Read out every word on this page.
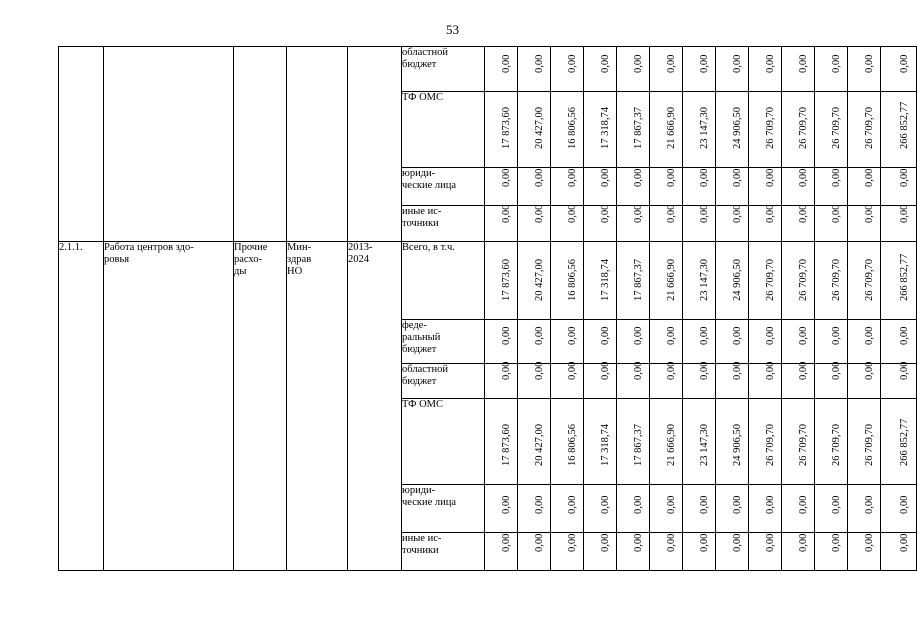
53
					областной
бюджет	0,00	0,00	0,00	0,00	0,00	0,00	0,00	0,00	0,00	0,00	0,00	0,00	0,00

					ТФ ОМС	17 873,60	20 427,00	16 806,56	17 318,74	17 867,37	21 666,90	23 147,30	24 906,50	26 709,70	26 709,70	26 709,70	26 709,70	266 852,77

					юриди-
ческие лица	0,00	0,00	0,00	0,00	0,00	0,00	0,00	0,00	0,00	0,00	0,00	0,00	0,00

					иные ис-
точники	0,00	0,00	0,00	0,00	0,00	0,00	0,00	0,00	0,00	0,00	0,00	0,00	0,00

2.1.1.	Работа центров здо-
ровья	Прочие
расхо-
ды	Мин-
здрав
НО	2013-
2024	Всего, в т.ч.	17 873,60	20 427,00	16 806,56	17 318,74	17 867,37	21 666,90	23 147,30	24 906,50	26 709,70	26 709,70	26 709,70	26 709,70	266 852,77

					феде-
ральный
бюджет	0,00	0,00	0,00	0,00	0,00	0,00	0,00	0,00	0,00	0,00	0,00	0,00	0,00

					областной
бюджет	0,00	0,00	0,00	0,00	0,00	0,00	0,00	0,00	0,00	0,00	0,00	0,00	0,00

					ТФ ОМС	17 873,60	20 427,00	16 806,56	17 318,74	17 867,37	21 666,90	23 147,30	24 906,50	26 709,70	26 709,70	26 709,70	26 709,70	266 852,77

					юриди-
ческие лица	0,00	0,00	0,00	0,00	0,00	0,00	0,00	0,00	0,00	0,00	0,00	0,00	0,00

					иные ис-
точники	0,00	0,00	0,00	0,00	0,00	0,00	0,00	0,00	0,00	0,00	0,00	0,00	0,00
